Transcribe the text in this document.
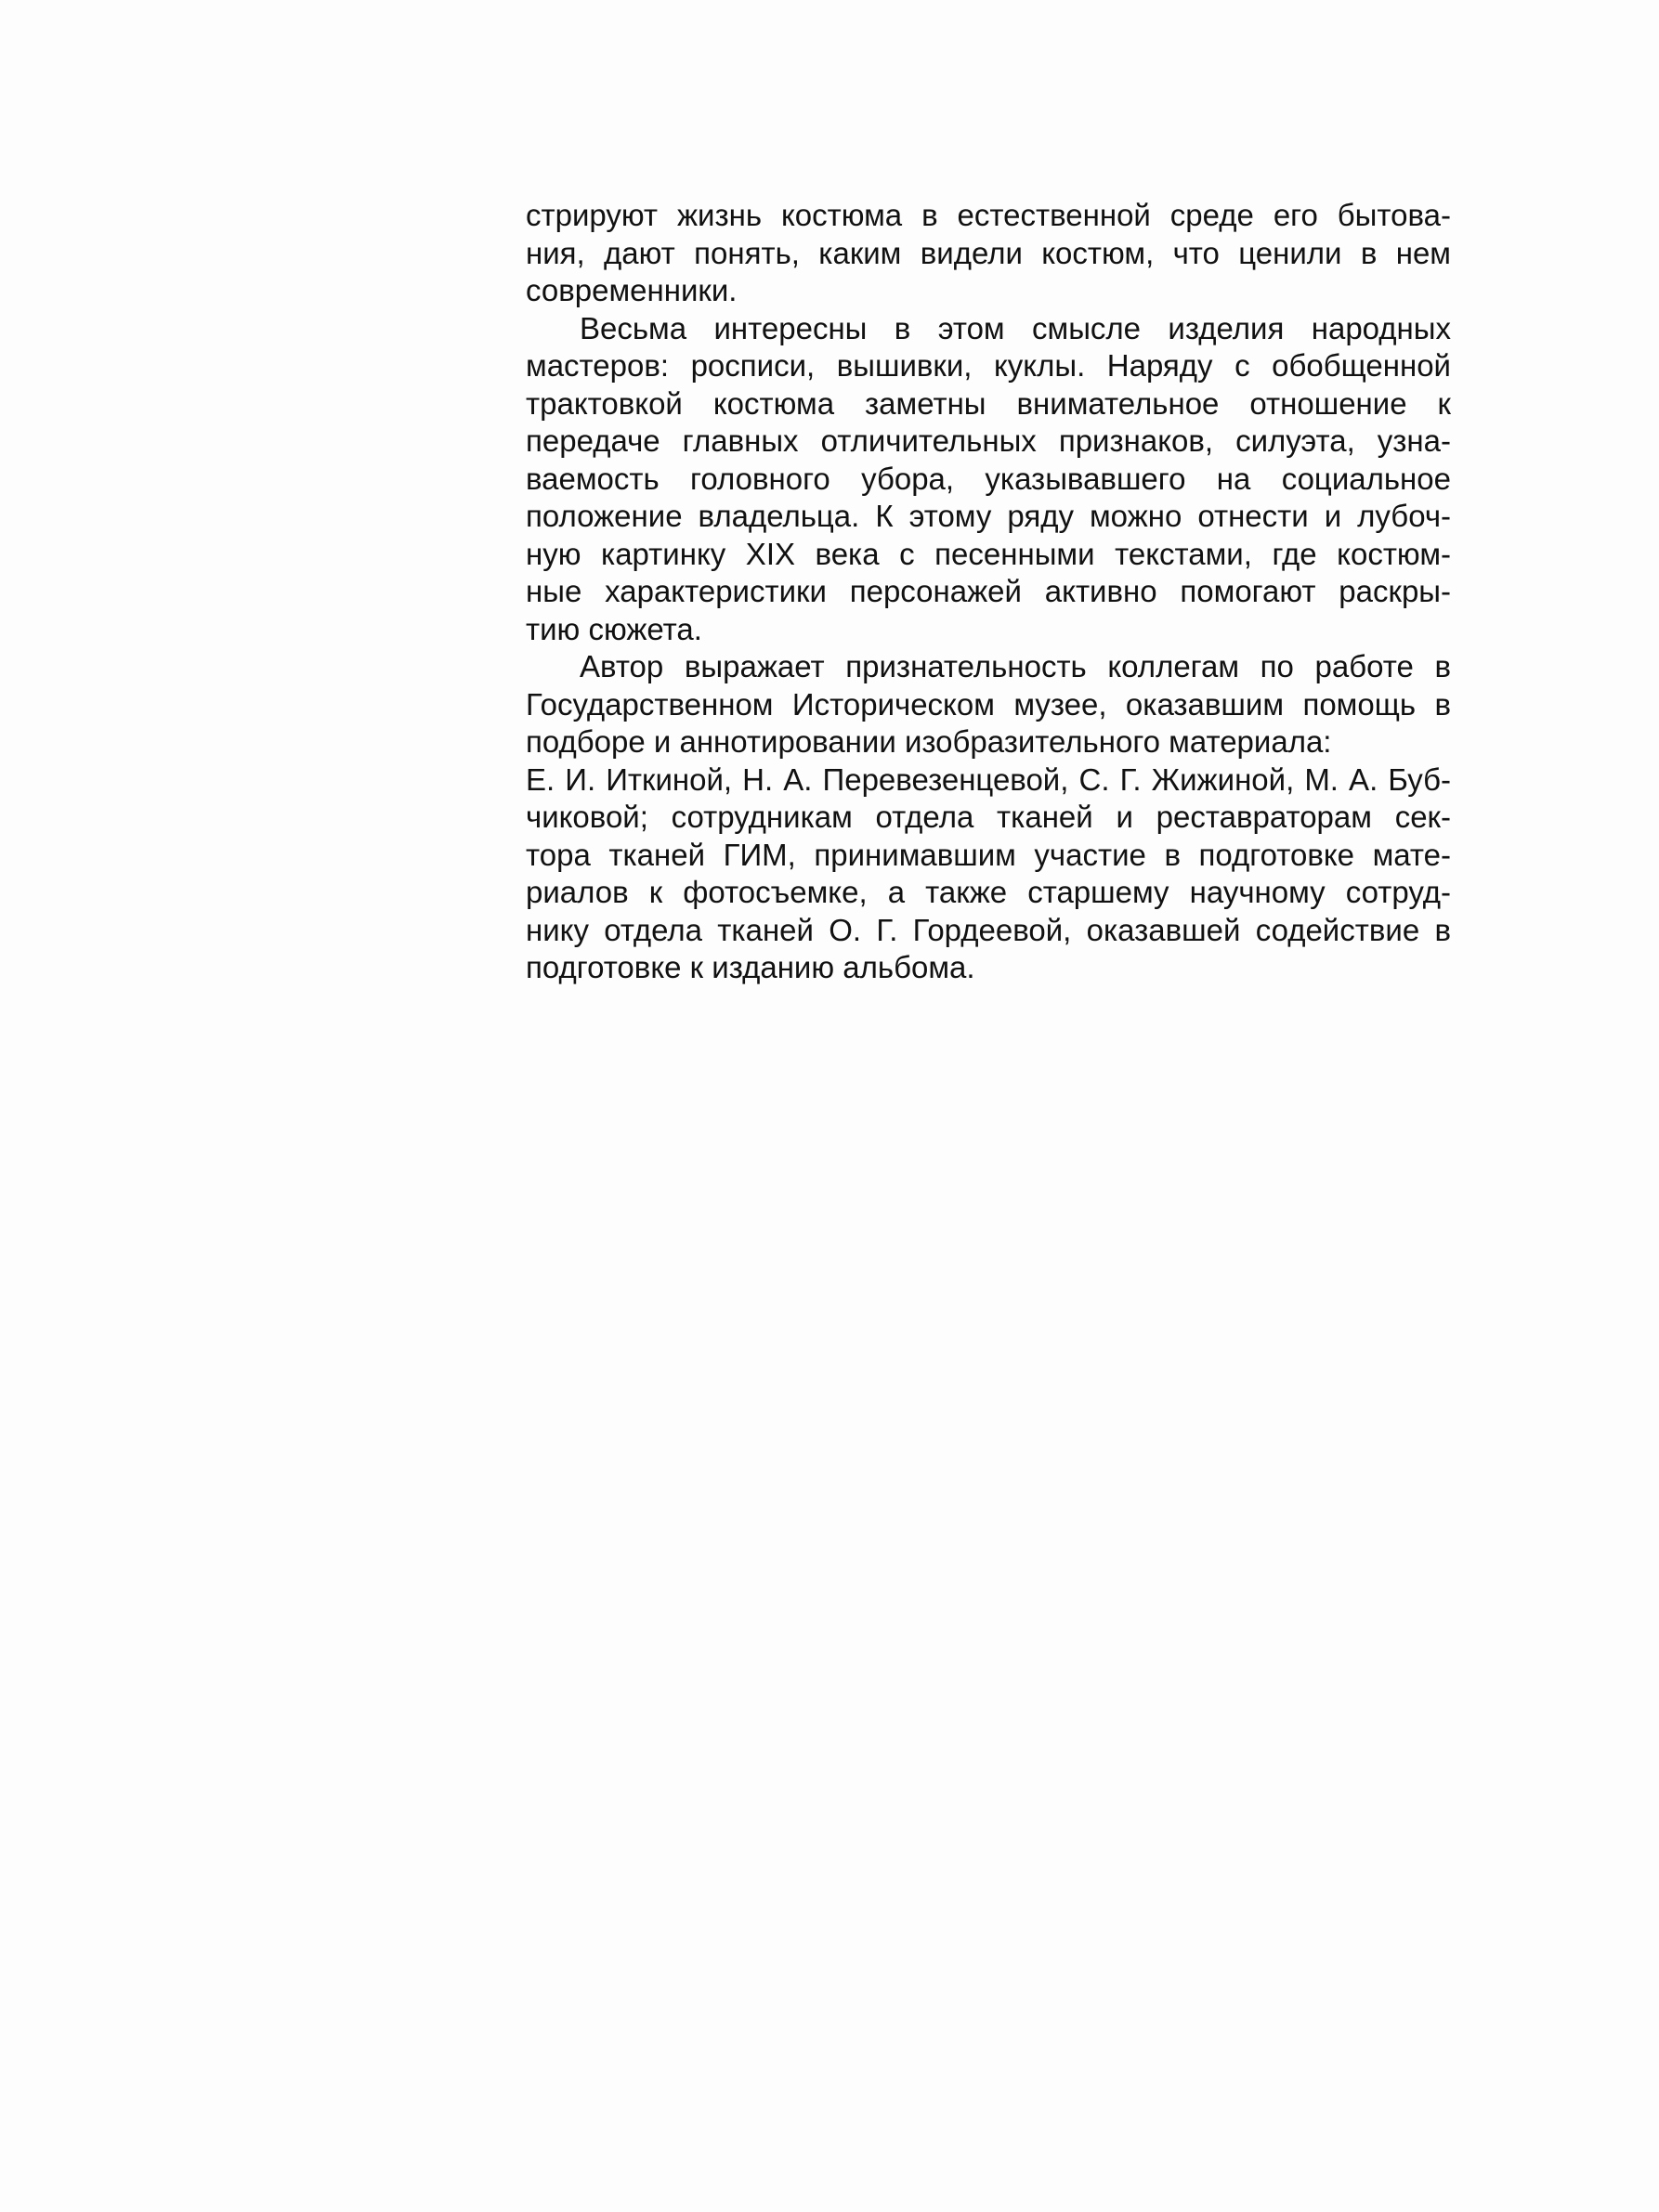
стрируют жизнь костюма в естественной среде его бытова-
ния, дают понять, каким видели костюм, что ценили в нем
современники.
Весьма интересны в этом смысле изделия народных
мастеров: росписи, вышивки, куклы. Наряду с обобщенной
трактовкой костюма заметны внимательное отношение к
передаче главных отличительных признаков, силуэта, узна-
ваемость головного убора, указывавшего на социальное
положение владельца. К этому ряду можно отнести и лубоч-
ную картинку XIX века с песенными текстами, где костюм-
ные характеристики персонажей активно помогают раскры-
тию сюжета.
Автор выражает признательность коллегам по работе в
Государственном Историческом музее, оказавшим помощь в
подборе и аннотировании изобразительного материала:
Е. И. Иткиной, Н. А. Перевезенцевой, С. Г. Жижиной, М. А. Буб-
чиковой; сотрудникам отдела тканей и реставраторам сек-
тора тканей ГИМ, принимавшим участие в подготовке мате-
риалов к фотосъемке, а также старшему научному сотруд-
нику отдела тканей О. Г. Гордеевой, оказавшей содействие в
подготовке к изданию альбома.
